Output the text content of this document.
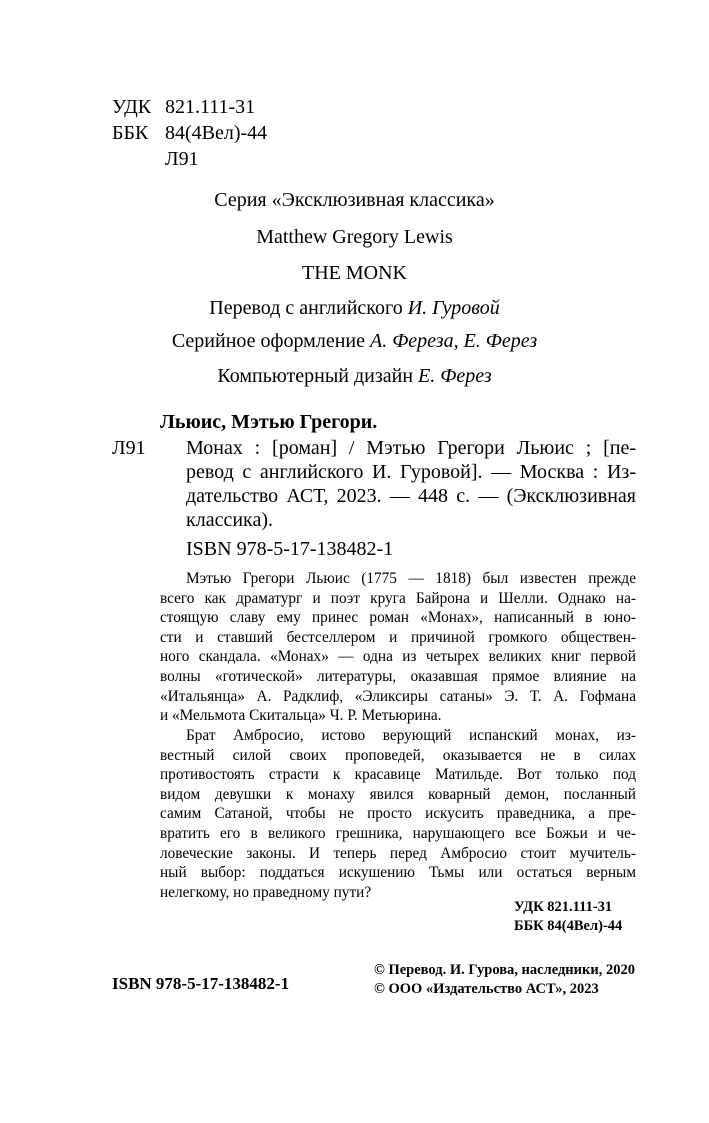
УДК 821.111-31
ББК 84(4Вел)-44
Л91
Серия «Эксклюзивная классика»
Matthew Gregory Lewis
THE MONK
Перевод с английского И. Гуровой
Серийное оформление А. Фереза, Е. Ферез
Компьютерный дизайн Е. Ферез
Льюис, Мэтью Грегори.
Л91 Монах : [роман] / Мэтью Грегори Льюис ; [пе-
ревод с английского И. Гуровой]. — Москва : Из-
дательство АСТ, 2023. — 448 с. — (Эксклюзивная
классика).
ISBN 978-5-17-138482-1
Мэтью Грегори Льюис (1775 — 1818) был известен прежде
всего как драматург и поэт круга Байрона и Шелли. Однако на-
стоящую славу ему принес роман «Монах», написанный в юно-
сти и ставший бестселлером и причиной громкого обществен-
ного скандала. «Монах» — одна из четырех великих книг первой
волны «готической» литературы, оказавшая прямое влияние на
«Итальянца» А. Радклиф, «Эликсиры сатаны» Э. Т. А. Гофмана
и «Мельмота Скитальца» Ч. Р. Метьюрина.
Брат Амбросио, истово верующий испанский монах, из-
вестный силой своих проповедей, оказывается не в силах
противостоять страсти к красавице Матильде. Вот только под
видом девушки к монаху явился коварный демон, посланный
самим Сатаной, чтобы не просто искусить праведника, а пре-
вратить его в великого грешника, нарушающего все Божьи и че-
ловеческие законы. И теперь перед Амбросио стоит мучитель-
ный выбор: поддаться искушению Тьмы или остаться верным
нелегкому, но праведному пути?
УДК 821.111-31
ББК 84(4Вел)-44
ISBN 978-5-17-138482-1
© Перевод. И. Гурова, наследники, 2020
© ООО «Издательство АСТ», 2023
